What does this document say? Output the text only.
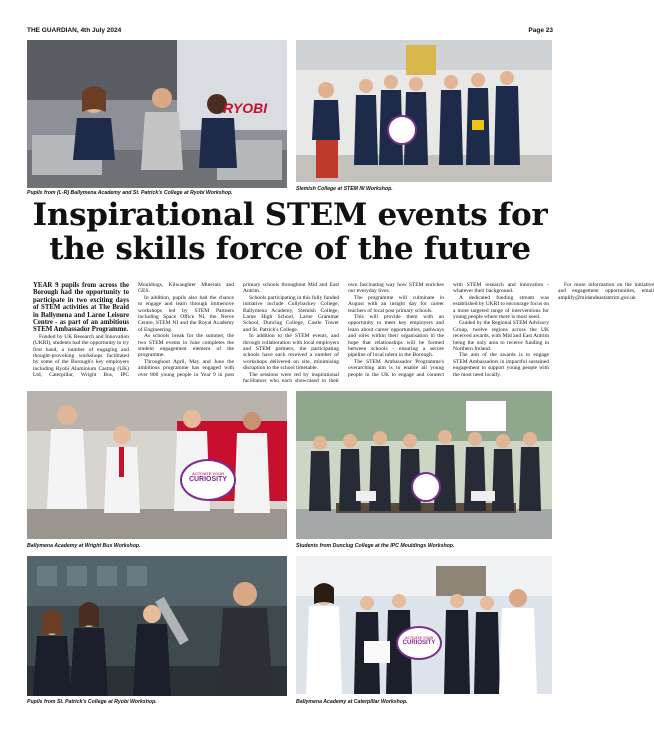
THE GUARDIAN, 4th July 2024	Page 23
RYOBI
Pupils from (L-R) Ballymena Academy and St. Patrick's College at Ryobi Workshop.
Slemish College at STEM NI Workshop.
Inspirational STEM events for the skills force of the future

YEAR 9 pupils from across the Borough had the opportunity to participate in two exciting days of STEM activities at The Braid in Ballymena and Larne Leisure Centre - as part of an ambitious STEM Ambassador Programme.

Funded by UK Research and Innovation (UKRI), students had the opportunity to try first hand, a number of engaging and thought-provoking workshops facilitated by some of the Borough's key employers including Ryobi Aluminium Casting (UK) Ltd, Caterpillar, Wright Bus, IPC Mouldings, Kilwaughter Minerals and GES.

In addition, pupils also had the chance to engage and learn through immersive workshops led by STEM Partners including Space Office NI, the Nerve Centre, STEM NI and the Royal Academy of Engineering.

As schools break for the summer, the two STEM events in June completes the student engagement element of the programme.

Throughout April, May and June the ambitious programme has engaged with over 800 young people in Year 9 in post primary schools throughout Mid and East Antrim.

Schools participating in this fully funded initiative include Cullybackey College, Ballymena Academy, Slemish College, Larne High School, Larne Grammar School, Dunclug College, Castle Tower and St. Patrick's College.

In addition to the STEM events, and through collaboration with local employers and STEM partners, the participating schools have each received a number of workshops delivered on site, minimising disruption to the school timetable.

The sessions were led by inspirational facilitators who each showcased in their own fascinating way how STEM enriches our everyday lives.

The programme will culminate in August with an insight day for career teachers of local post primary schools.

This will provide them with an opportunity to meet key employers and learn about career opportunities, pathways and roles within their organisation in the hope that relationships will be formed between schools - ensuring a secure pipeline of local talent in the Borough.

The STEM Ambassador Programme's overarching aim is to enable all young people in the UK to engage and connect with STEM research and innovation - whatever their background.

A dedicated funding stream was established by UKRI to encourage focus on a more targeted range of interventions for young people where there is most need.

Guided by the Regional STEM Advisory Group, twelve regions across the UK received awards, with Mid and East Antrim being the only area to receive funding in Northern Ireland.

The aim of the awards is to engage STEM Ambassadors in impactful sustained engagement to support young people with the most need locally.

For more information on the initiative and engagement opportunities, email amplify@midandeastantrim.gov.uk

ACTIVATE YOUR
CURIOSITY
Ballymena Academy at Wright Bus Workshop.	Students from Dunclug College at the IPC Mouldings Workshop.
Pupils from St. Patrick's College at Ryobi Workshop.
ACTIVATE YOUR
CURIOSITY
Ballymena Academy at Caterpillar Workshop.
